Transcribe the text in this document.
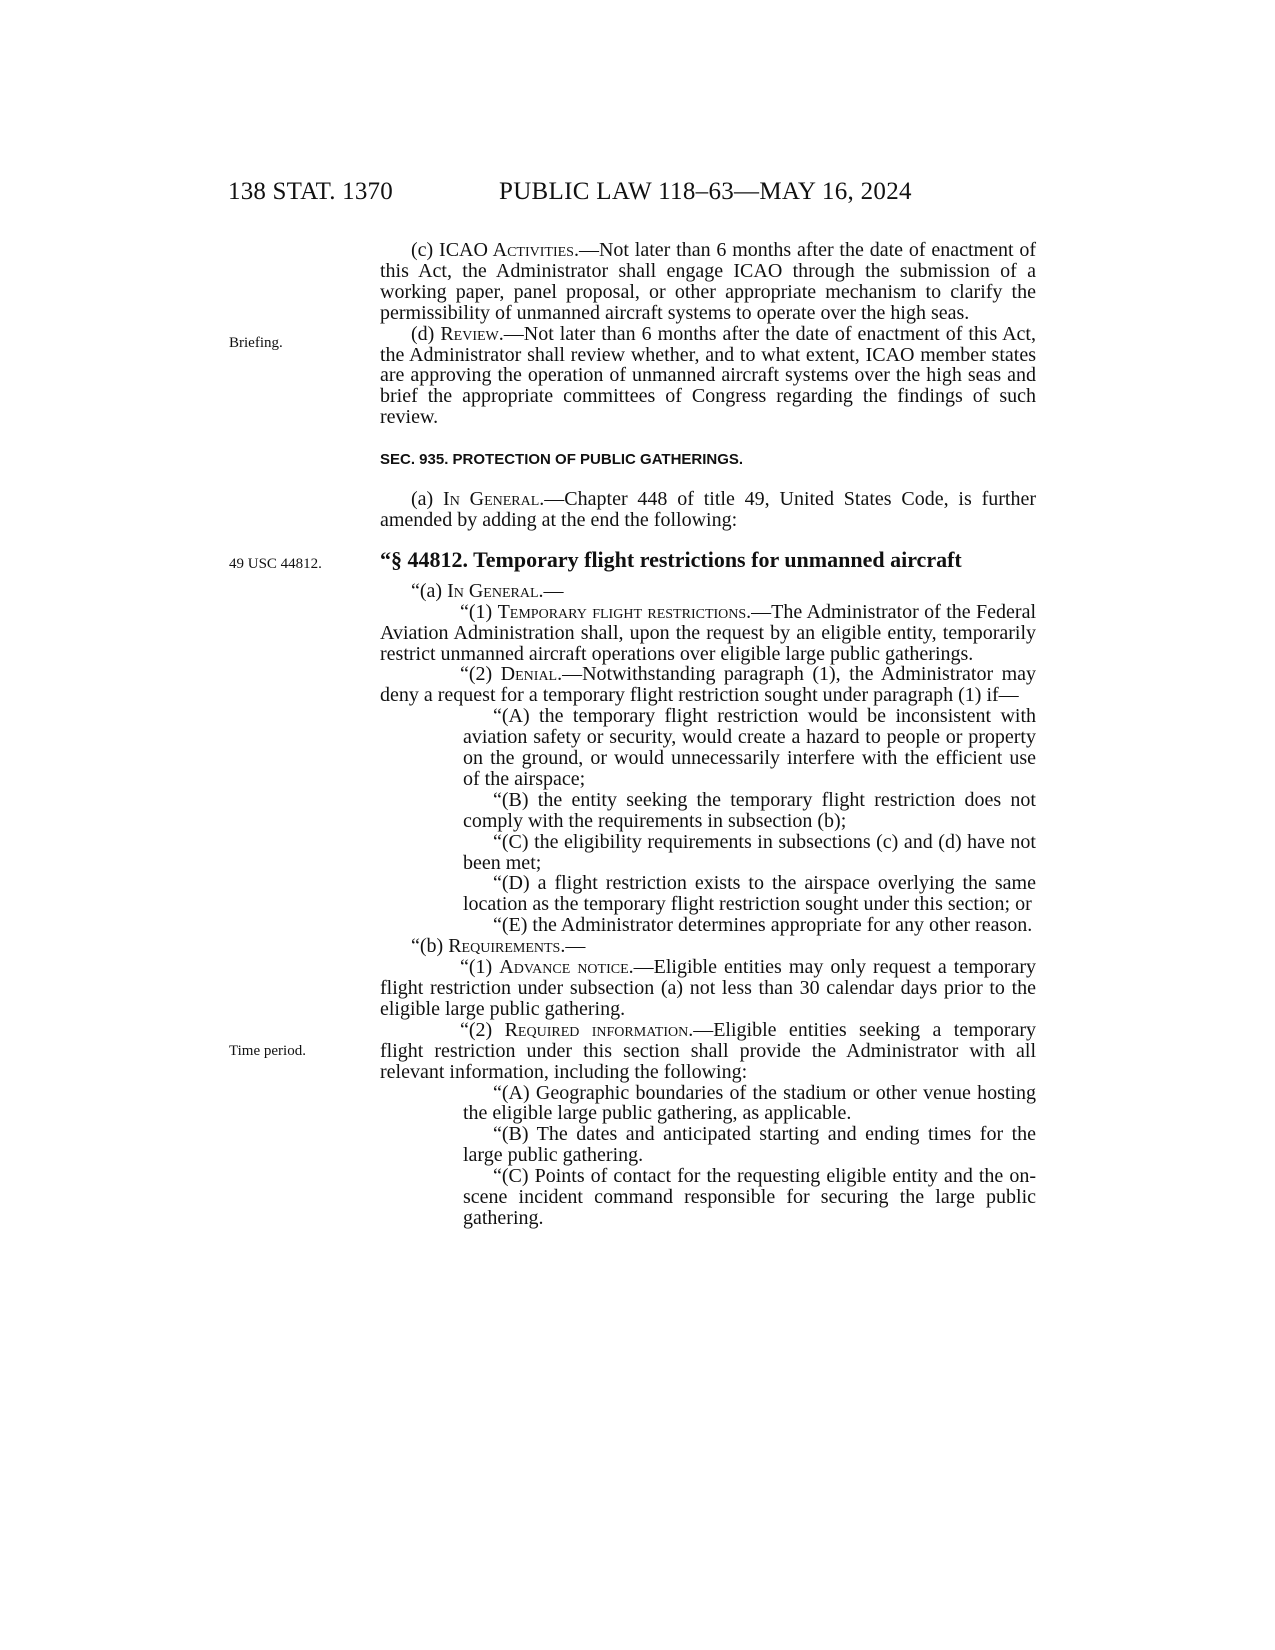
138 STAT. 1370	PUBLIC LAW 118–63—MAY 16, 2024
Briefing.
49 USC 44812.
Time period.

(c) ICAO Activities.—Not later than 6 months after the date of enactment of this Act, the Administrator shall engage ICAO through the submission of a working paper, panel proposal, or other appropriate mechanism to clarify the permissibility of unmanned aircraft systems to operate over the high seas.

(d) Review.—Not later than 6 months after the date of enactment of this Act, the Administrator shall review whether, and to what extent, ICAO member states are approving the operation of unmanned aircraft systems over the high seas and brief the appropriate committees of Congress regarding the findings of such review.

SEC. 935. PROTECTION OF PUBLIC GATHERINGS.

(a) In General.—Chapter 448 of title 49, United States Code, is further amended by adding at the end the following:

“§ 44812. Temporary flight restrictions for unmanned aircraft

“(a) In General.—

“(1) Temporary flight restrictions.—The Administrator of the Federal Aviation Administration shall, upon the request by an eligible entity, temporarily restrict unmanned aircraft operations over eligible large public gatherings.

“(2) Denial.—Notwithstanding paragraph (1), the Administrator may deny a request for a temporary flight restriction sought under paragraph (1) if—

“(A) the temporary flight restriction would be inconsistent with aviation safety or security, would create a hazard to people or property on the ground, or would unnecessarily interfere with the efficient use of the airspace;

“(B) the entity seeking the temporary flight restriction does not comply with the requirements in subsection (b);

“(C) the eligibility requirements in subsections (c) and (d) have not been met;

“(D) a flight restriction exists to the airspace overlying the same location as the temporary flight restriction sought under this section; or

“(E) the Administrator determines appropriate for any other reason.

“(b) Requirements.—

“(1) Advance notice.—Eligible entities may only request a temporary flight restriction under subsection (a) not less than 30 calendar days prior to the eligible large public gathering.

“(2) Required information.—Eligible entities seeking a temporary flight restriction under this section shall provide the Administrator with all relevant information, including the following:

“(A) Geographic boundaries of the stadium or other venue hosting the eligible large public gathering, as applicable.

“(B) The dates and anticipated starting and ending times for the large public gathering.

“(C) Points of contact for the requesting eligible entity and the on-scene incident command responsible for securing the large public gathering.
